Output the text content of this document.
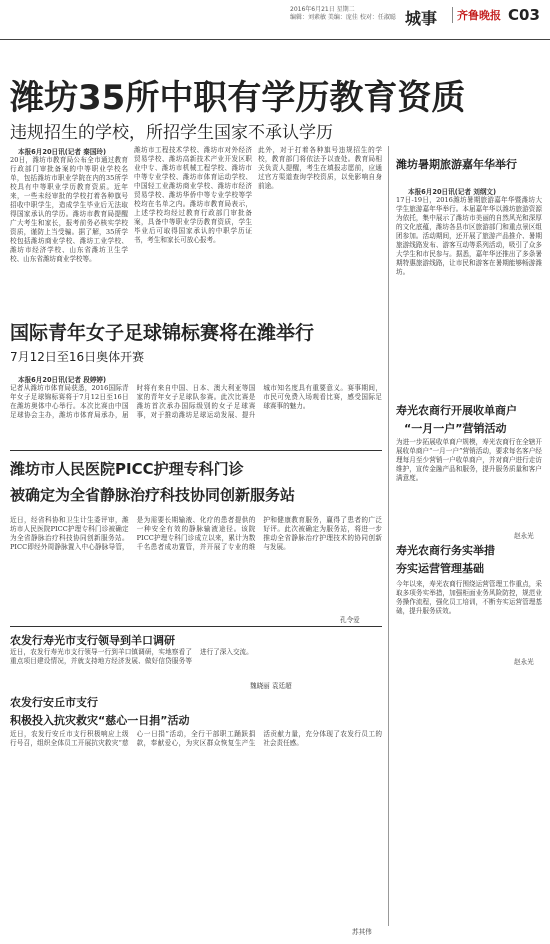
2016年6月21日 星期二
编辑：刘素敏 美编：庞佳 校对：任淑聪 城事	齐鲁晚报 C03
潍坊35所中职有学历教育资质
违规招生的学校，所招学生国家不承认学历
本报6月20日讯(记者 秦国玲)
20日，潍坊市教育局公布全市通过教育行政部门审批备案的中等职业学校名单，包括潍坊市职业学院在内的35所学校具有中等职业学历教育资质。近年来，一些未经审批的学校打着各种旗号招收中职学生，造成学生毕业后无法取得国家承认的学历。潍坊市教育局提醒广大考生和家长，报考前务必核实学校资质，谨防上当受骗。据了解，35所学校包括潍坊商业学校、潍坊工业学校、潍坊市经济学校、山东省潍坊卫生学校、山东省潍坊商业学校等。
潍坊市工程技术学校、潍坊市对外经济贸易学校、潍坊高新技术产业开发区职业中专、潍坊市机械工程学校、潍坊市中等专业学校、潍坊市体育运动学校、中国轻工业潍坊商业学校、潍坊市经济贸易学校、潍坊华侨中等专业学校等学校均在名单之内。潍坊市教育局表示，上述学校均经过教育行政部门审批备案，具备中等职业学历教育资质，学生毕业后可取得国家承认的中职学历证书，考生和家长可放心报考。
此外，对于打着各种旗号违规招生的学校，教育部门将依法予以查处。教育局相关负责人提醒，考生在填报志愿前，应通过官方渠道查询学校资质，以免影响自身前途。
潍坊暑期旅游嘉年华举行
本报6月20日讯(记者 刘纲文)
17日-19日，2016潍坊暑期旅游嘉年华暨潍坊大学生旅游嘉年华举行。本届嘉年华以潍坊旅游资源为依托，集中展示了潍坊市美丽的自然风光和深厚的文化底蕴，潍坊各县市区旅游部门和重点景区组团参加。活动期间，还开展了旅游产品推介、暑期旅游线路发布、游客互动等系列活动，吸引了众多大学生和市民参与。据悉，嘉年华还推出了多条暑期特惠旅游线路，让市民和游客在暑期能够畅游潍坊。
国际青年女子足球锦标赛将在潍举行
7月12日至16日奥体开赛
本报6月20日讯(记者 段婷婷)
记者从潍坊市体育局获悉，2016国际青年女子足球锦标赛将于7月12日至16日在潍坊奥体中心举行。本次比赛由中国足球协会主办，潍坊市体育局承办，届时将有来自中国、日本、澳大利亚等国家的青年女子足球队参赛。此次比赛是潍坊首次承办国际级别的女子足球赛事，对于推动潍坊足球运动发展、提升城市知名度具有重要意义。赛事期间，市民可免费入场观看比赛，感受国际足球赛事的魅力。
潍坊市人民医院PICC护理专科门诊
被确定为全省静脉治疗科技协同创新服务站
近日，经省科协和卫生计生委评审，潍坊市人民医院PICC护理专科门诊被确定为全省静脉治疗科技协同创新服务站。PICC即经外周静脉置入中心静脉导管，是为需要长期输液、化疗的患者提供的一种安全有效的静脉输液途径。该院PICC护理专科门诊成立以来，累计为数千名患者成功置管，并开展了专业的维护和健康教育服务，赢得了患者的广泛好评。此次被确定为服务站，将进一步推动全省静脉治疗护理技术的协同创新与发展。
孔令爱
寿光农商行开展收单商户
“一月一户”营销活动
为进一步拓展收单商户规模，寿光农商行在全辖开展收单商户“一月一户”营销活动，要求每名客户经理每月至少营销一户收单商户，并对商户进行走访维护，宣传金融产品和服务，提升服务质量和客户满意度。
赵永光
寿光农商行务实举措
夯实运营管理基础
今年以来，寿光农商行围绕运营管理工作重点，采取多项务实举措，加强柜面业务风险防控，规范业务操作流程，强化员工培训，不断夯实运营管理基础，提升服务质效。
赵永光
农发行寿光市支行领导到羊口调研
近日，农发行寿光市支行领导一行到羊口镇调研，实地察看了重点项目建设情况，并就支持地方经济发展、做好信贷服务等进行了深入交流。
魏晓丽 袁廷超
农发行安丘市支行
积极投入抗灾救灾“慈心一日捐”活动
近日，农发行安丘市支行积极响应上级行号召，组织全体员工开展抗灾救灾“慈心一日捐”活动，全行干部职工踊跃捐款，奉献爱心，为灾区群众恢复生产生活贡献力量，充分体现了农发行员工的社会责任感。
苏其伟
